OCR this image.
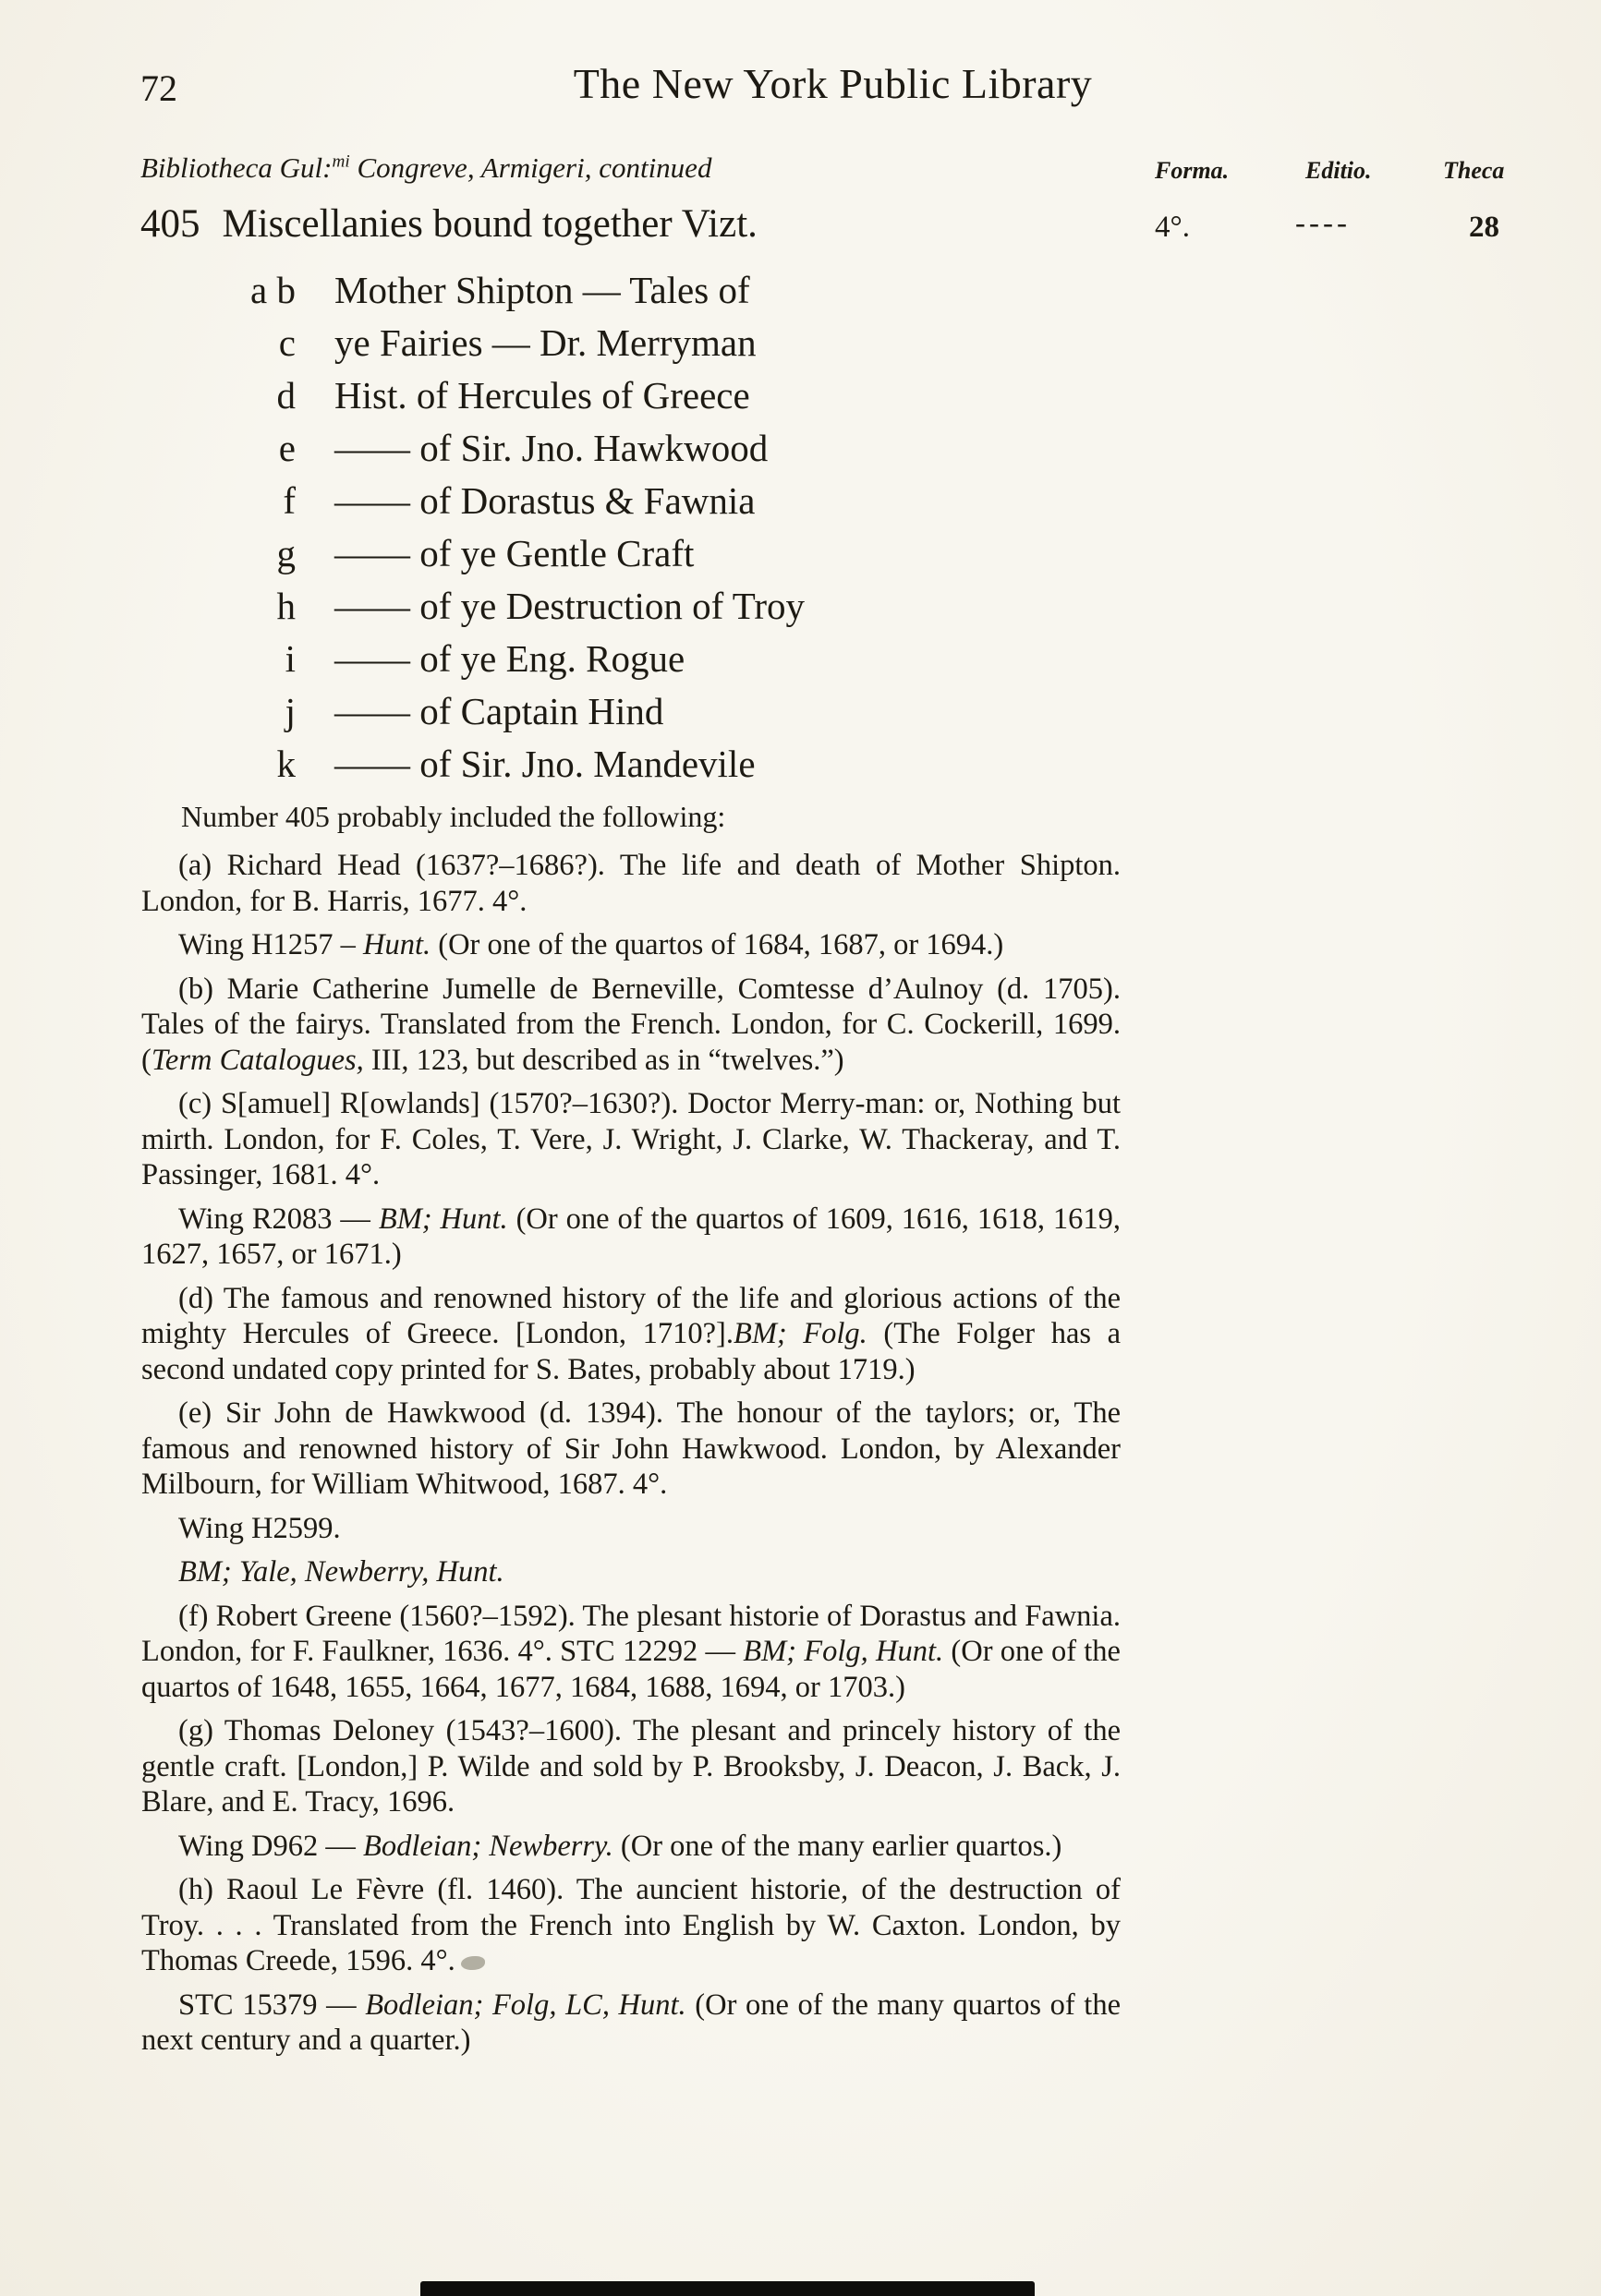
72	The New York Public Library
Bibliotheca Gul:$^{mi}$ Congreve, Armigeri, continued	Forma.	Editio.	Theca
405 Miscellanies bound together Vizt.	4°.	----	28
a b Mother Shipton — Tales of
c ye Fairies — Dr. Merryman
d Hist. of Hercules of Greece
e —— of Sir. Jno. Hawkwood
f —— of Dorastus & Fawnia
g —— of ye Gentle Craft
h —— of ye Destruction of Troy
i —— of ye Eng. Rogue
j —— of Captain Hind
k —— of Sir. Jno. Mandevile
Number 405 probably included the following:

(a) Richard Head (1637?–1686?). The life and death of Mother Shipton. London, for B. Harris, 1677. 4°.

Wing H1257 – Hunt. (Or one of the quartos of 1684, 1687, or 1694.)

(b) Marie Catherine Jumelle de Berneville, Comtesse d’Aulnoy (d. 1705). Tales of the fairys. Translated from the French. London, for C. Cockerill, 1699. (Term Catalogues, III, 123, but described as in “twelves.”)

(c) S[amuel] R[owlands] (1570?–1630?). Doctor Merry-man: or, Nothing but mirth. London, for F. Coles, T. Vere, J. Wright, J. Clarke, W. Thackeray, and T. Passinger, 1681. 4°.

Wing R2083 — BM; Hunt. (Or one of the quartos of 1609, 1616, 1618, 1619, 1627, 1657, or 1671.)

(d) The famous and renowned history of the life and glorious actions of the mighty Hercules of Greece. [London, 1710?].BM; Folg. (The Folger has a second undated copy printed for S. Bates, probably about 1719.)

(e) Sir John de Hawkwood (d. 1394). The honour of the taylors; or, The famous and renowned history of Sir John Hawkwood. London, by Alexander Milbourn, for William Whitwood, 1687. 4°.

Wing H2599.

BM; Yale, Newberry, Hunt.

(f) Robert Greene (1560?–1592). The plesant historie of Dorastus and Fawnia. London, for F. Faulkner, 1636. 4°. STC 12292 — BM; Folg, Hunt. (Or one of the quartos of 1648, 1655, 1664, 1677, 1684, 1688, 1694, or 1703.)

(g) Thomas Deloney (1543?–1600). The plesant and princely history of the gentle craft. [London,] P. Wilde and sold by P. Brooksby, J. Deacon, J. Back, J. Blare, and E. Tracy, 1696.

Wing D962 — Bodleian; Newberry. (Or one of the many earlier quartos.)

(h) Raoul Le Fèvre (fl. 1460). The auncient historie, of the destruction of Troy. . . . Translated from the French into English by W. Caxton. London, by Thomas Creede, 1596. 4°.

STC 15379 — Bodleian; Folg, LC, Hunt. (Or one of the many quartos of the next century and a quarter.)
